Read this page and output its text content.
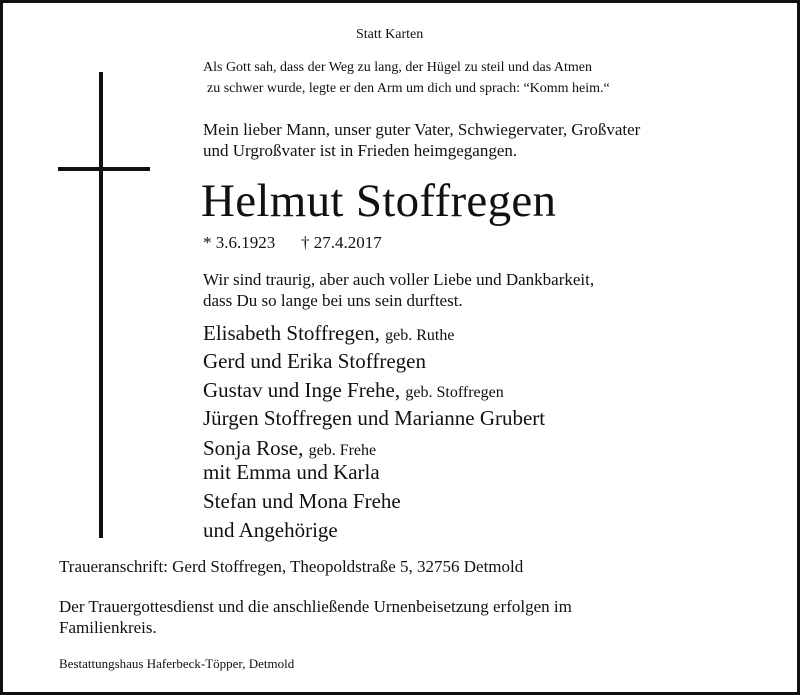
Statt Karten
Als Gott sah, dass der Weg zu lang, der Hügel zu steil und das Atmen
zu schwer wurde, legte er den Arm um dich und sprach: “Komm heim.“
Mein lieber Mann, unser guter Vater, Schwiegervater, Großvater
und Urgroßvater ist in Frieden heimgegangen.
Helmut Stoffregen
* 3.6.1923 † 27.4.2017
Wir sind traurig, aber auch voller Liebe und Dankbarkeit,
dass Du so lange bei uns sein durftest.
Elisabeth Stoffregen, geb. Ruthe
Gerd und Erika Stoffregen
Gustav und Inge Frehe, geb. Stoffregen
Jürgen Stoffregen und Marianne Grubert
Sonja Rose, geb. Frehe
mit Emma und Karla
Stefan und Mona Frehe
und Angehörige
Traueranschrift: Gerd Stoffregen, Theopoldstraße 5, 32756 Detmold
Der Trauergottesdienst und die anschließende Urnenbeisetzung erfolgen im
Familienkreis.
Bestattungshaus Haferbeck-Töpper, Detmold
